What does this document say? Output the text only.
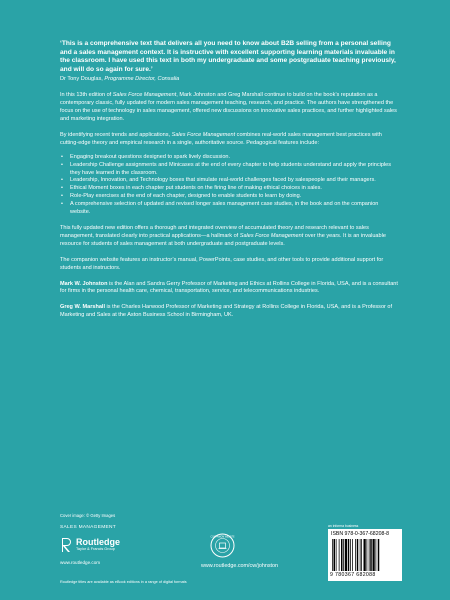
‘This is a comprehensive text that delivers all you need to know about B2B selling from a personal selling and a sales management context. It is instructive with excellent supporting learning materials invaluable in the classroom. I have used this text in both my undergraduate and some postgraduate teaching previously, and will do so again for sure.’

Dr Tony Douglas, Programme Director, Consalia

In this 13th edition of Sales Force Management, Mark Johnston and Greg Marshall continue to build on the book’s reputation as a contemporary classic, fully updated for modern sales management teaching, research, and practice. The authors have strengthened the focus on the use of technology in sales management, offered new discussions on innovative sales practices, and further highlighted sales and marketing integration.

By identifying recent trends and applications, Sales Force Management combines real-world sales management best practices with cutting-edge theory and empirical research in a single, authoritative source. Pedagogical features include:

• Engaging breakout questions designed to spark lively discussion.
• Leadership Challenge assignments and Minicases at the end of every chapter to help students understand and apply the principles they have learned in the classroom.
• Leadership, Innovation, and Technology boxes that simulate real-world challenges faced by salespeople and their managers.
• Ethical Moment boxes in each chapter put students on the firing line of making ethical choices in sales.
• Role-Play exercises at the end of each chapter, designed to enable students to learn by doing.
• A comprehensive selection of updated and revised longer sales management case studies, in the book and on the companion website.

This fully updated new edition offers a thorough and integrated overview of accumulated theory and research relevant to sales management, translated clearly into practical applications—a hallmark of Sales Force Management over the years. It is an invaluable resource for students of sales management at both undergraduate and postgraduate levels.

The companion website features an instructor’s manual, PowerPoints, case studies, and other tools to provide additional support for students and instructors.

Mark W. Johnston is the Alan and Sandra Gerry Professor of Marketing and Ethics at Rollins College in Florida, USA, and is a consultant for firms in the personal health care, chemical, transportation, service, and telecommunications industries.

Greg W. Marshall is the Charles Harwood Professor of Marketing and Strategy at Rollins College in Florida, USA, and is a Professor of Marketing and Sales at the Aston Business School in Birmingham, UK.

Cover image: © Getty Images
SALES MANAGEMENT
Routledge
Taylor & Francis Group
www.routledge.com
COMPANION WEBSITE
www.routledge.com/cw/johnston
Routledge titles are available as eBook editions in a range of digital formats
an informa business
ISBN 978-0-367-68208-8
9 780367 682088
